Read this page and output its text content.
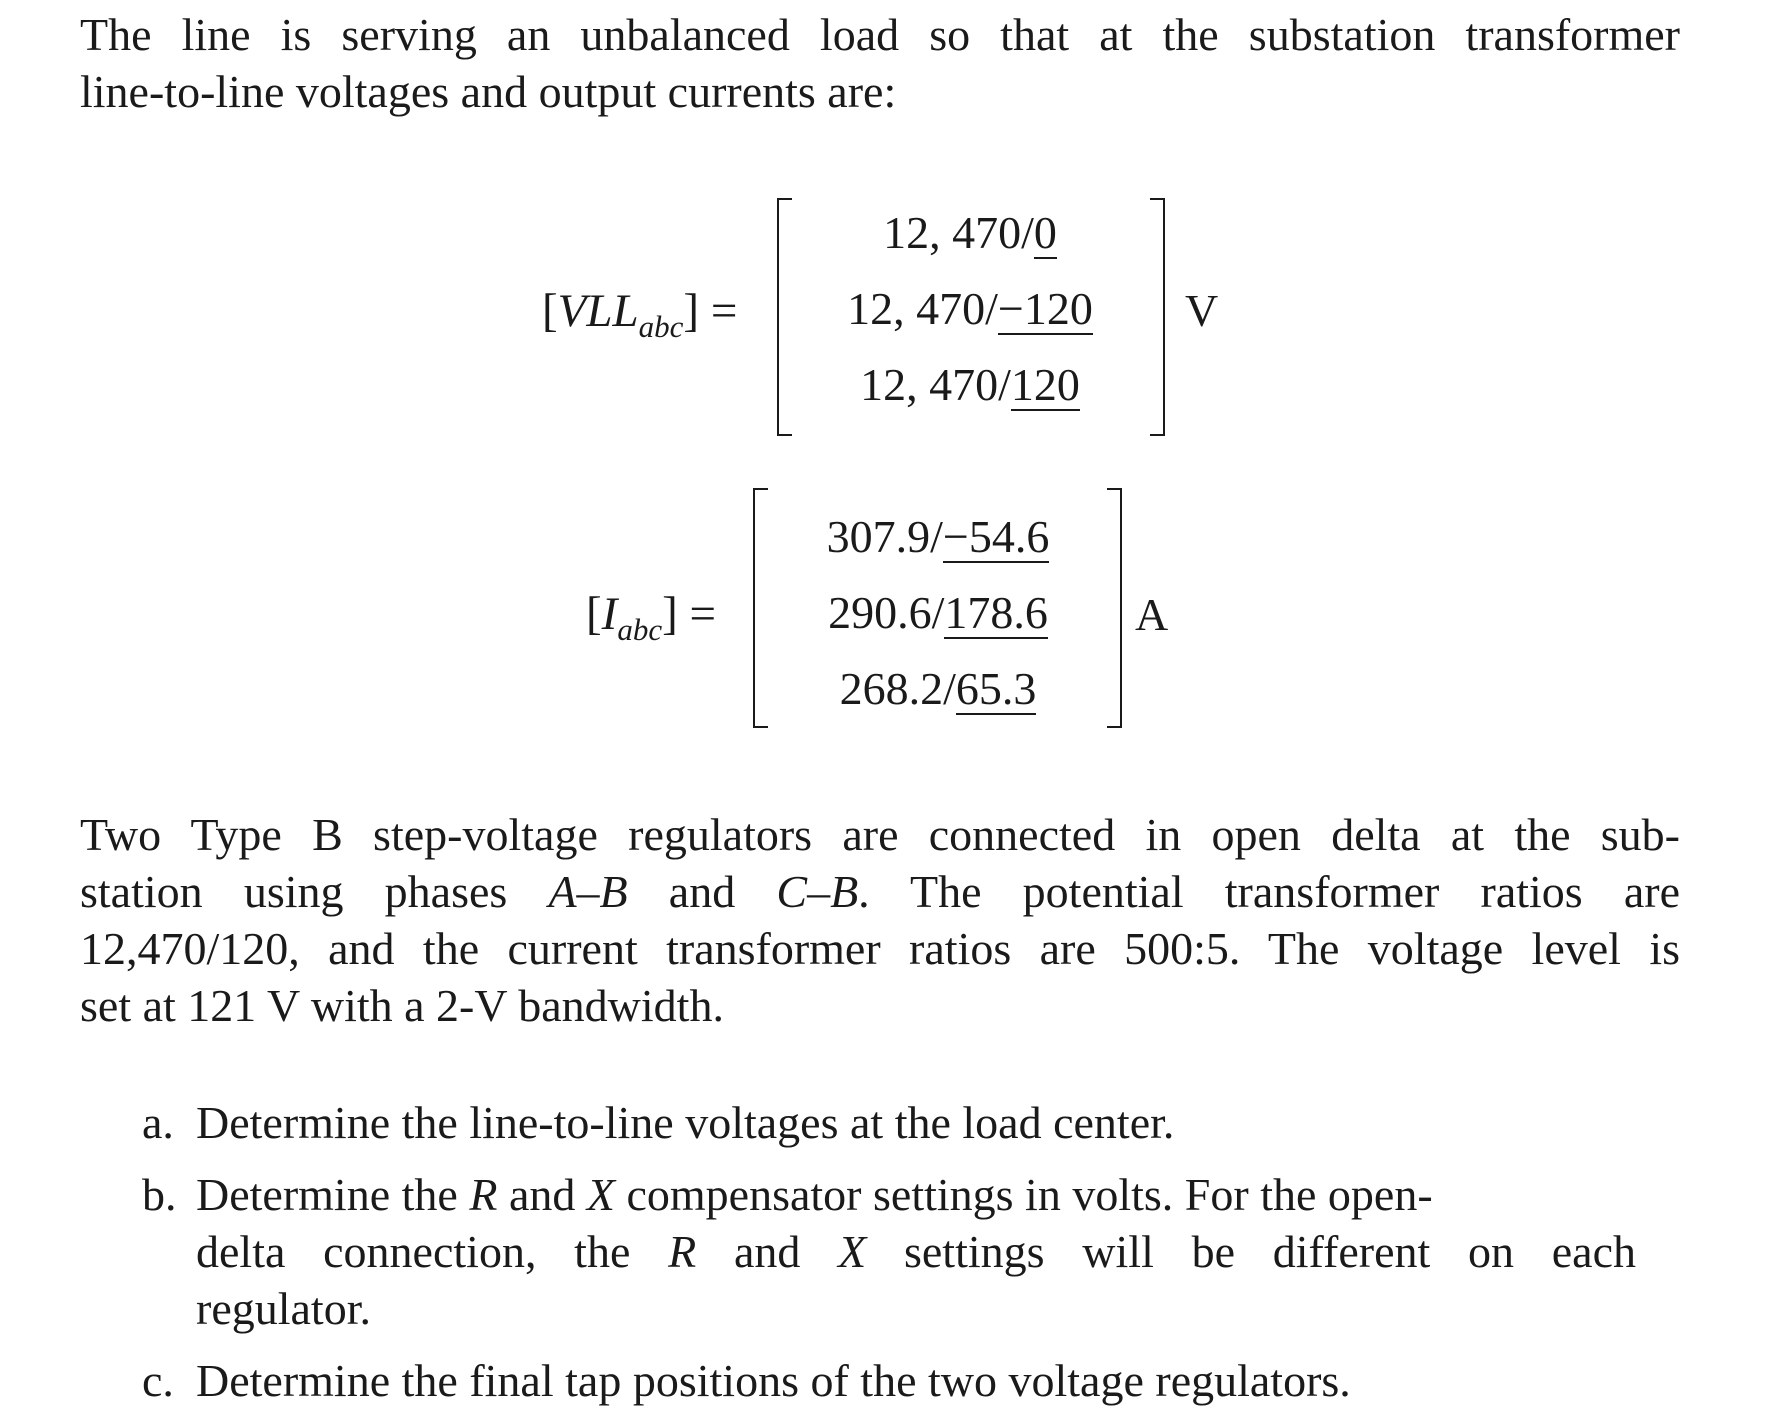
The line is serving an unbalanced load so that at the substation transformer
line-to-line voltages and output currents are:
$[VLL_{abc}]$ =
12, 470/0
12, 470/−120
12, 470/120
V
$[I_{abc}]$ =
307.9/−54.6
290.6/178.6
268.2/65.3
A
Two Type B step-voltage regulators are connected in open delta at the sub-
station using phases A–B and C–B. The potential transformer ratios are
12,470/120, and the current transformer ratios are 500:5. The voltage level is
set at 121 V with a 2-V bandwidth.
a. Determine the line-to-line voltages at the load center.
b. Determine the R and X compensator settings in volts. For the open-
delta connection, the R and X settings will be different on each
regulator.
c. Determine the final tap positions of the two voltage regulators.
